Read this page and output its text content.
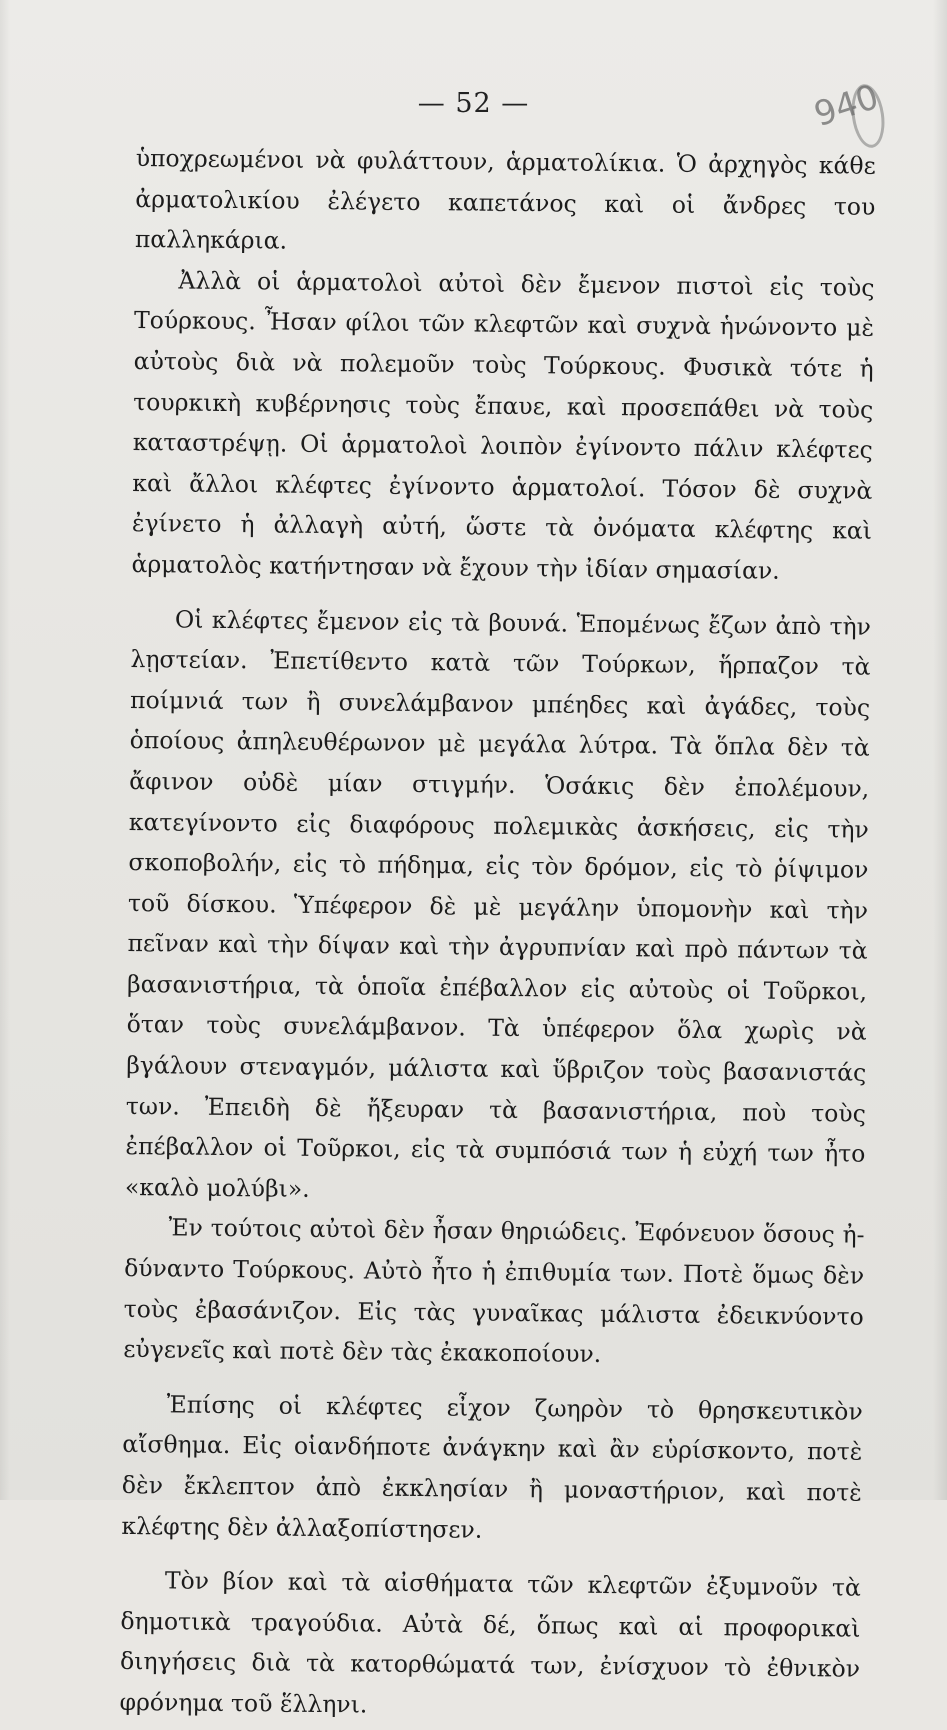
— 52 —	940

ὑποχρεωμένοι νὰ φυλάττουν, ἁρματολίκια. Ὁ ἀρχηγὸς κάθε ἀρματολικίου ἐλέγετο καπετάνος καὶ οἱ ἄνδρες του παλληκάρια.

Ἀλλὰ οἱ ἁρματολοὶ αὐτοὶ δὲν ἔμενον πιστοὶ εἰς τοὺς Τούρκους. Ἦσαν φίλοι τῶν κλεφτῶν καὶ συχνὰ ἡνώνοντο μὲ αὐτοὺς διὰ νὰ πολεμοῦν τοὺς Τούρκους. Φυσικὰ τότε ἡ τουρκικὴ κυβέρνησις τοὺς ἔπαυε, καὶ προσεπάθει νὰ τοὺς καταστρέψῃ. Οἱ ἁρματολοὶ λοιπὸν ἐγίνοντο πάλιν κλέφτες καὶ ἄλλοι κλέφτες ἐγίνοντο ἁρματολοί. Τόσον δὲ συχνὰ ἐγίνετο ἡ ἀλλαγὴ αὐτή, ὥστε τὰ ὀνόματα κλέφτης καὶ ἁρματολὸς κατήντησαν νὰ ἔχουν τὴν ἰδίαν σημασίαν.

Οἱ κλέφτες ἔμενον εἰς τὰ βουνά. Ἑπομένως ἔζων ἀπὸ τὴν λῃστείαν. Ἐπετίθεντο κατὰ τῶν Τούρκων, ἥρπαζον τὰ ποίμνιά των ἢ συνελάμβανον μπέηδες καὶ ἀγάδες, τοὺς ὁποίους ἀπηλευθέρωνον μὲ μεγάλα λύτρα. Τὰ ὅπλα δὲν τὰ ἄφινον οὐδὲ μίαν στιγμήν. Ὁσάκις δὲν ἐπολέμουν, κατεγίνοντο εἰς διαφόρους πολεμικὰς ἀσκήσεις, εἰς τὴν σκοποβολήν, εἰς τὸ πήδημα, εἰς τὸν δρόμον, εἰς τὸ ῥίψιμον τοῦ δίσκου. Ὑπέφερον δὲ μὲ μεγάλην ὑπομονὴν καὶ τὴν πεῖναν καὶ τὴν δίψαν καὶ τὴν ἀγρυπνίαν καὶ πρὸ πάντων τὰ βασανιστήρια, τὰ ὁποῖα ἐπέβαλλον εἰς αὐτοὺς οἱ Τοῦρκοι, ὅταν τοὺς συνελάμβανον. Τὰ ὑπέφερον ὅλα χωρὶς νὰ βγάλουν στεναγμόν, μάλιστα καὶ ὕβριζον τοὺς βασανιστάς των. Ἐπειδὴ δὲ ἤξευραν τὰ βασανιστήρια, ποὺ τοὺς ἐπέβαλλον οἱ Τοῦρκοι, εἰς τὰ συμπόσιά των ἡ εὐχή των ἦτο «καλὸ μολύβι».

Ἐν τούτοις αὐτοὶ δὲν ἦσαν θηριώδεις. Ἐφόνευον ὅσους ἠδύναντο Τούρκους. Αὐτὸ ἦτο ἡ ἐπιθυμία των. Ποτὲ ὅμως δὲν τοὺς ἐβασάνιζον. Εἰς τὰς γυναῖκας μάλιστα ἐδεικνύοντο εὐγενεῖς καὶ ποτὲ δὲν τὰς ἐκακοποίουν.

Ἐπίσης οἱ κλέφτες εἶχον ζωηρὸν τὸ θρησκευτικὸν αἴσθημα. Εἰς οἱανδήποτε ἀνάγκην καὶ ἂν εὑρίσκοντο, ποτὲ δὲν ἔκλεπτον ἀπὸ ἐκκλησίαν ἢ μοναστήριον, καὶ ποτὲ κλέφτης δὲν ἀλλαξοπίστησεν.

Τὸν βίον καὶ τὰ αἰσθήματα τῶν κλεφτῶν ἐξυμνοῦν τὰ δημοτικὰ τραγούδια. Αὐτὰ δέ, ὅπως καὶ αἱ προφορικαὶ διηγήσεις διὰ τὰ κατορθώματά των, ἐνίσχυον τὸ ἐθνικὸν φρόνημα τοῦ ἕλληνι.
